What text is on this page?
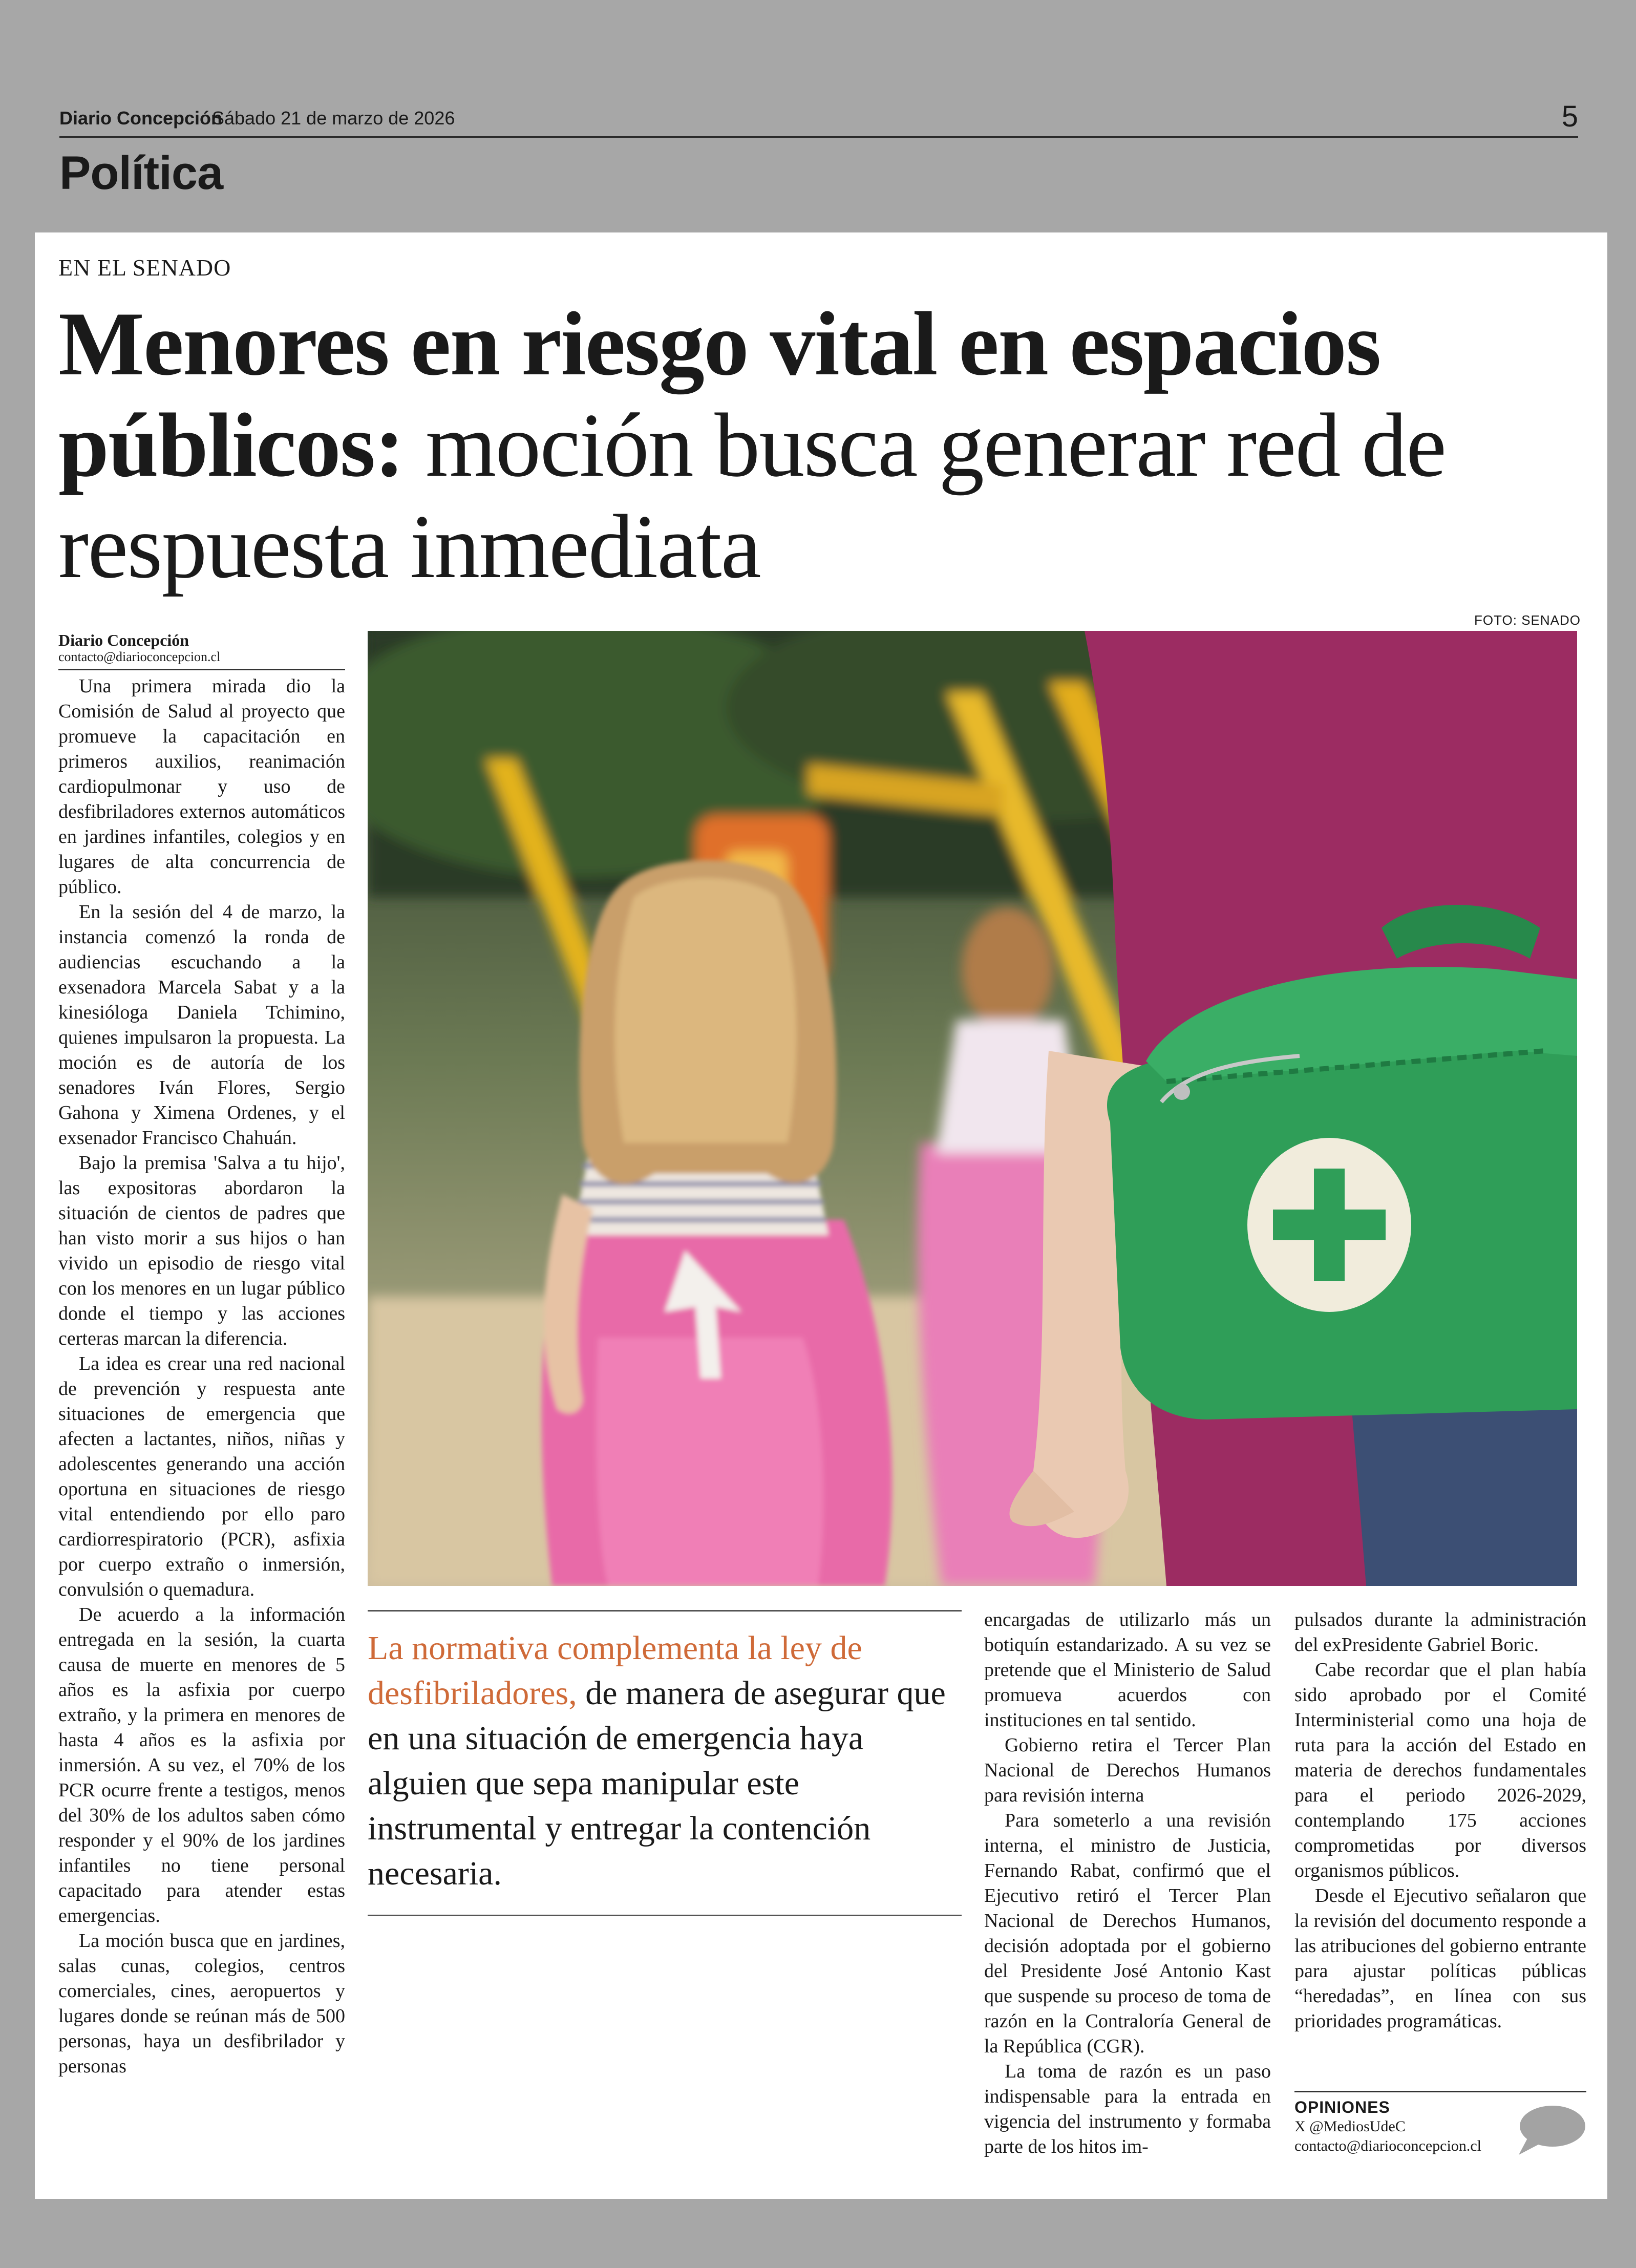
Diario Concepción
Sábado 21 de marzo de 2026	5
Política
EN EL SENADO
Menores en riesgo vital en espacios públicos: moción busca generar red de respuesta inmediata
FOTO: SENADO
Diario Concepción
contacto@diarioconcepcion.cl

Una primera mirada dio la Comisión de Salud al proyecto que promueve la capacitación en primeros auxilios, reanimación cardiopulmonar y uso de desfibriladores externos automáticos en jardines infantiles, colegios y en lugares de alta concurrencia de público.

En la sesión del 4 de marzo, la instancia comenzó la ronda de audiencias escuchando a la exsenadora Marcela Sabat y a la kinesióloga Daniela Tchimino, quienes impulsaron la propuesta. La moción es de autoría de los senadores Iván Flores, Sergio Gahona y Ximena Ordenes, y el exsenador Francisco Chahuán.

Bajo la premisa 'Salva a tu hijo', las expositoras abordaron la situación de cientos de padres que han visto morir a sus hijos o han vivido un episodio de riesgo vital con los menores en un lugar público donde el tiempo y las acciones certeras marcan la diferencia.

La idea es crear una red nacional de prevención y respuesta ante situaciones de emergencia que afecten a lactantes, niños, niñas y adolescentes generando una acción oportuna en situaciones de riesgo vital entendiendo por ello paro cardiorrespiratorio (PCR), asfixia por cuerpo extraño o inmersión, convulsión o quemadura.

De acuerdo a la información entregada en la sesión, la cuarta causa de muerte en menores de 5 años es la asfixia por cuerpo extraño, y la primera en menores de hasta 4 años es la asfixia por inmersión. A su vez, el 70% de los PCR ocurre frente a testigos, menos del 30% de los adultos saben cómo responder y el 90% de los jardines infantiles no tiene personal capacitado para atender estas emergencias.

La moción busca que en jardines, salas cunas, colegios, centros comerciales, cines, aeropuertos y lugares donde se reúnan más de 500 personas, haya un desfibrilador y personas

La normativa complementa la ley de desfibriladores, de manera de asegurar que en una situación de emergencia haya alguien que sepa manipular este instrumental y entregar la contención necesaria.

encargadas de utilizarlo más un botiquín estandarizado. A su vez se pretende que el Ministerio de Salud promueva acuerdos con instituciones en tal sentido.

Gobierno retira el Tercer Plan Nacional de Derechos Humanos para revisión interna

Para someterlo a una revisión interna, el ministro de Justicia, Fernando Rabat, confirmó que el Ejecutivo retiró el Tercer Plan Nacional de Derechos Humanos, decisión adoptada por el gobierno del Presidente José Antonio Kast que suspende su proceso de toma de razón en la Contraloría General de la República (CGR).

La toma de razón es un paso indispensable para la entrada en vigencia del instrumento y formaba parte de los hitos im-

pulsados durante la administración del exPresidente Gabriel Boric.

Cabe recordar que el plan había sido aprobado por el Comité Interministerial como una hoja de ruta para la acción del Estado en materia de derechos fundamentales para el periodo 2026-2029, contemplando 175 acciones comprometidas por diversos organismos públicos.

Desde el Ejecutivo señalaron que la revisión del documento responde a las atribuciones del gobierno entrante para ajustar políticas públicas “heredadas”, en línea con sus prioridades programáticas.

OPINIONES
X @MediosUdeC
contacto@diarioconcepcion.cl
